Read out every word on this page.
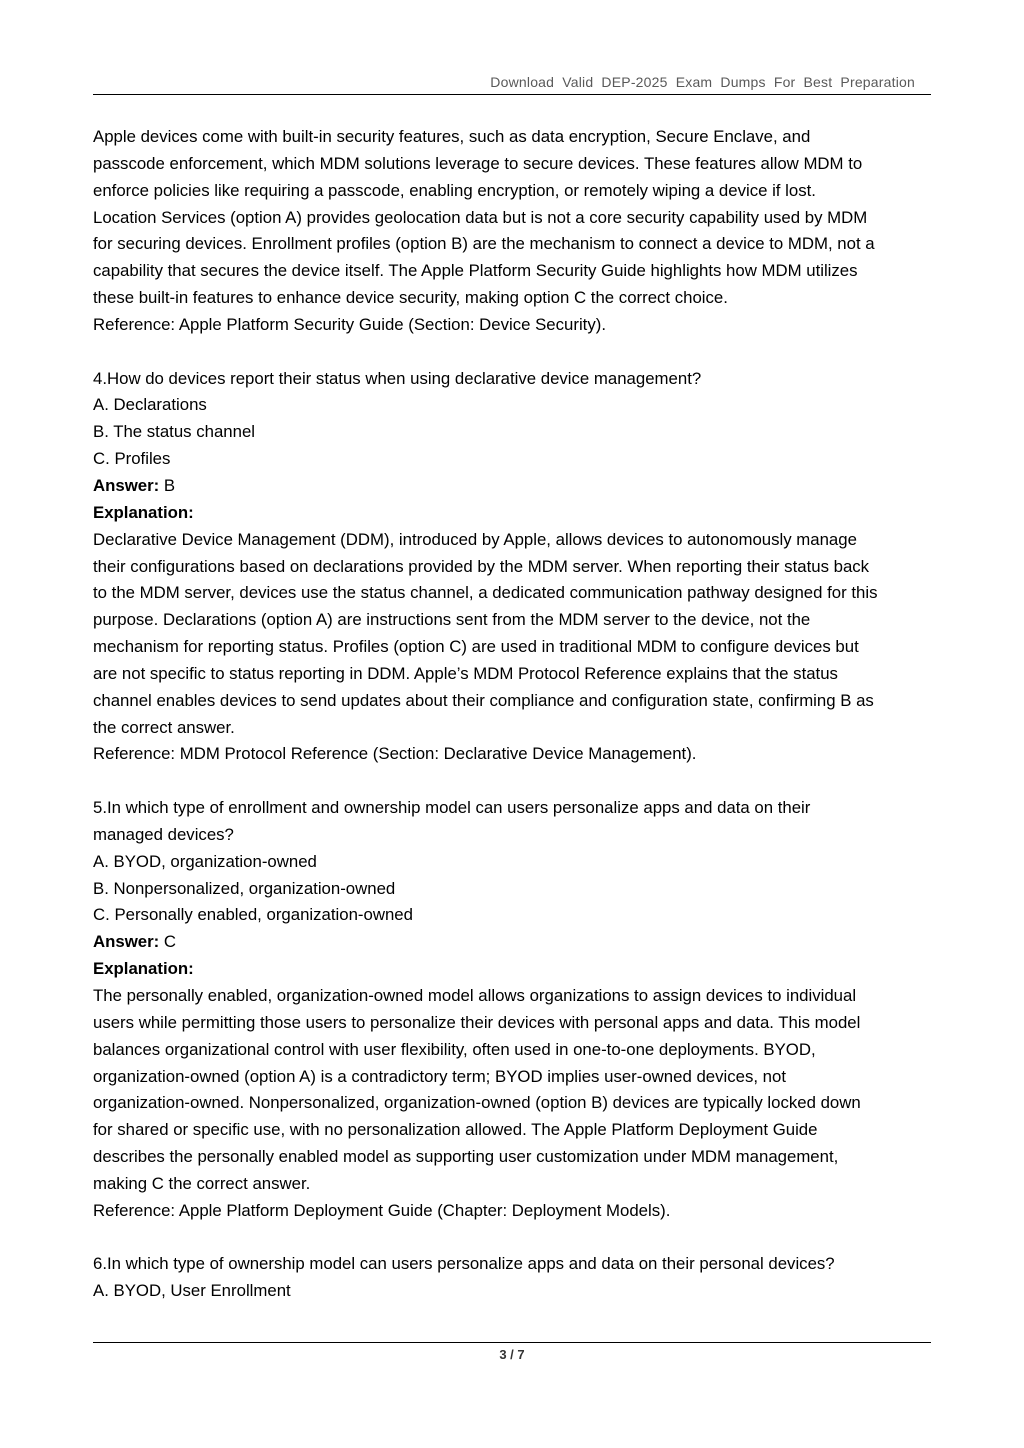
Download Valid DEP-2025 Exam Dumps For Best Preparation
Apple devices come with built-in security features, such as data encryption, Secure Enclave, and
passcode enforcement, which MDM solutions leverage to secure devices. These features allow MDM to
enforce policies like requiring a passcode, enabling encryption, or remotely wiping a device if lost.
Location Services (option A) provides geolocation data but is not a core security capability used by MDM
for securing devices. Enrollment profiles (option B) are the mechanism to connect a device to MDM, not a
capability that secures the device itself. The Apple Platform Security Guide highlights how MDM utilizes
these built-in features to enhance device security, making option C the correct choice.
Reference: Apple Platform Security Guide (Section: Device Security).
4.How do devices report their status when using declarative device management?
A. Declarations
B. The status channel
C. Profiles
Answer: B
Explanation:
Declarative Device Management (DDM), introduced by Apple, allows devices to autonomously manage
their configurations based on declarations provided by the MDM server. When reporting their status back
to the MDM server, devices use the status channel, a dedicated communication pathway designed for this
purpose. Declarations (option A) are instructions sent from the MDM server to the device, not the
mechanism for reporting status. Profiles (option C) are used in traditional MDM to configure devices but
are not specific to status reporting in DDM. Apple’s MDM Protocol Reference explains that the status
channel enables devices to send updates about their compliance and configuration state, confirming B as
the correct answer.
Reference: MDM Protocol Reference (Section: Declarative Device Management).
5.In which type of enrollment and ownership model can users personalize apps and data on their
managed devices?
A. BYOD, organization-owned
B. Nonpersonalized, organization-owned
C. Personally enabled, organization-owned
Answer: C
Explanation:
The personally enabled, organization-owned model allows organizations to assign devices to individual
users while permitting those users to personalize their devices with personal apps and data. This model
balances organizational control with user flexibility, often used in one-to-one deployments. BYOD,
organization-owned (option A) is a contradictory term; BYOD implies user-owned devices, not
organization-owned. Nonpersonalized, organization-owned (option B) devices are typically locked down
for shared or specific use, with no personalization allowed. The Apple Platform Deployment Guide
describes the personally enabled model as supporting user customization under MDM management,
making C the correct answer.
Reference: Apple Platform Deployment Guide (Chapter: Deployment Models).
6.In which type of ownership model can users personalize apps and data on their personal devices?
A. BYOD, User Enrollment
3 / 7
